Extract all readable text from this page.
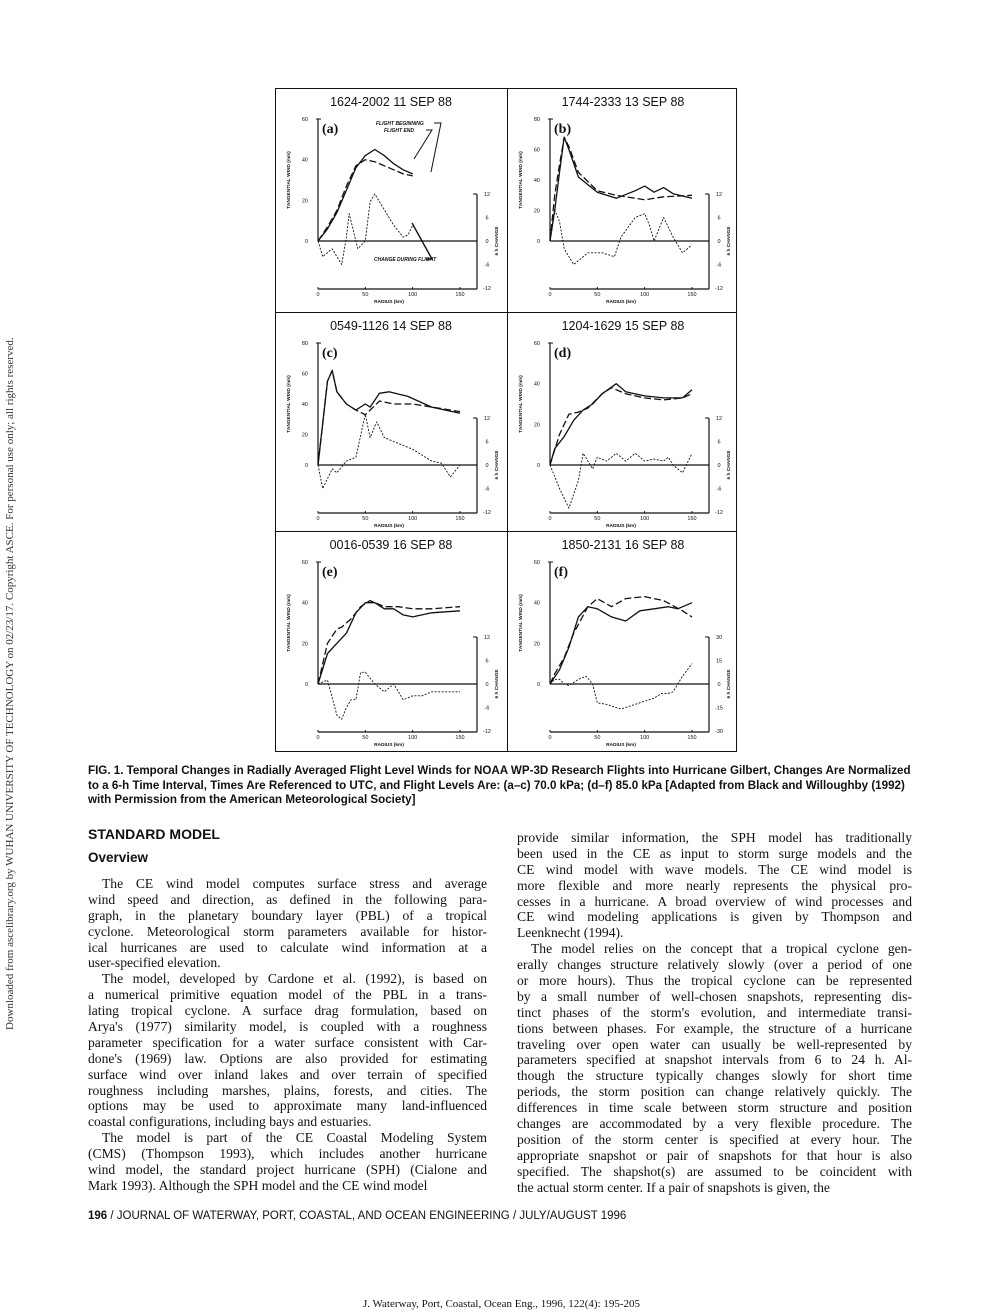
Downloaded from ascelibrary.org by WUHAN UNIVERSITY OF TECHNOLOGY on 02/23/17. Copyright ASCE. For personal use only; all rights reserved.
1624-2002 11 SEP 88
(a)
0
20
40
60
12
6
0
-6
-12
0	50	100	150
RADIUS (km)
TANGENTIAL WIND (m/s)
6 h CHANGE
FLIGHT BEGINNING
FLIGHT END
CHANGE DURING FLIGHT
1744-2333 13 SEP 88
(b)
0
20
40
60
80
12
6
0
-6
-12
0	50	100	150
RADIUS (km)
TANGENTIAL WIND (m/s)
6 h CHANGE
0549-1126 14 SEP 88
(c)
0
20
40
60
80
12
6
0
-6
-12
0	50	100	150
RADIUS (km)
TANGENTIAL WIND (m/s)
6 h CHANGE
1204-1629 15 SEP 88
(d)
0
20
40
60
12
6
0
-6
-12
0	50	100	150
RADIUS (km)
TANGENTIAL WIND (m/s)
6 h CHANGE
0016-0539 16 SEP 88
(e)
0
20
40
60
12
6
0
-6
-12
0	50	100	150
RADIUS (km)
TANGENTIAL WIND (m/s)
6 h CHANGE
1850-2131 16 SEP 88
(f)
0
20
40
60
30
15
0
-15
-30
0	50	100	150
RADIUS (km)
TANGENTIAL WIND (m/s)
6 h CHANGE
FIG. 1. Temporal Changes in Radially Averaged Flight Level Winds for NOAA WP-3D Research Flights into Hurricane Gilbert, Changes Are Normalized to a 6-h Time Interval, Times Are Referenced to UTC, and Flight Levels Are: (a–c) 70.0 kPa; (d–f) 85.0 kPa [Adapted from Black and Willoughby (1992) with Permission from the American Meteorological Society]
STANDARD MODEL
Overview
The CE wind model computes surface stress and average
wind speed and direction, as defined in the following para-
graph, in the planetary boundary layer (PBL) of a tropical
cyclone. Meteorological storm parameters available for histor-
ical hurricanes are used to calculate wind information at a
user-specified elevation.
The model, developed by Cardone et al. (1992), is based on
a numerical primitive equation model of the PBL in a trans-
lating tropical cyclone. A surface drag formulation, based on
Arya's (1977) similarity model, is coupled with a roughness
parameter specification for a water surface consistent with Car-
done's (1969) law. Options are also provided for estimating
surface wind over inland lakes and over terrain of specified
roughness including marshes, plains, forests, and cities. The
options may be used to approximate many land-influenced
coastal configurations, including bays and estuaries.
The model is part of the CE Coastal Modeling System
(CMS) (Thompson 1993), which includes another hurricane
wind model, the standard project hurricane (SPH) (Cialone and
Mark 1993). Although the SPH model and the CE wind model
provide similar information, the SPH model has traditionally
been used in the CE as input to storm surge models and the
CE wind model with wave models. The CE wind model is
more flexible and more nearly represents the physical pro-
cesses in a hurricane. A broad overview of wind processes and
CE wind modeling applications is given by Thompson and
Leenknecht (1994).
The model relies on the concept that a tropical cyclone gen-
erally changes structure relatively slowly (over a period of one
or more hours). Thus the tropical cyclone can be represented
by a small number of well-chosen snapshots, representing dis-
tinct phases of the storm's evolution, and intermediate transi-
tions between phases. For example, the structure of a hurricane
traveling over open water can usually be well-represented by
parameters specified at snapshot intervals from 6 to 24 h. Al-
though the structure typically changes slowly for short time
periods, the storm position can change relatively quickly. The
differences in time scale between storm structure and position
changes are accommodated by a very flexible procedure. The
position of the storm center is specified at every hour. The
appropriate snapshot or pair of snapshots for that hour is also
specified. The shapshot(s) are assumed to be coincident with
the actual storm center. If a pair of snapshots is given, the
196 / JOURNAL OF WATERWAY, PORT, COASTAL, AND OCEAN ENGINEERING / JULY/AUGUST 1996
J. Waterway, Port, Coastal, Ocean Eng., 1996, 122(4): 195-205
